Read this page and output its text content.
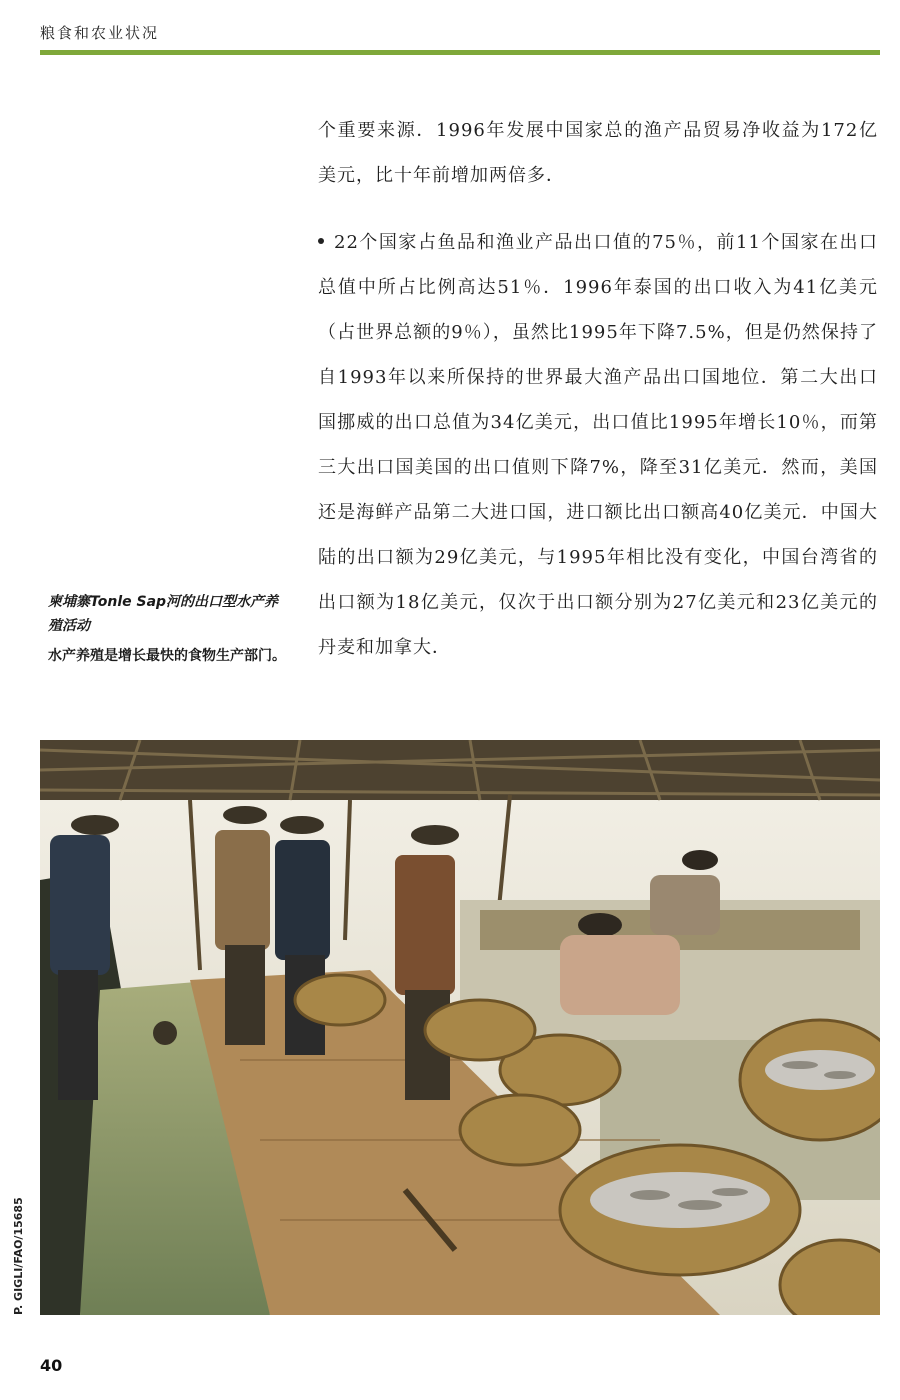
粮食和农业状况

个重要来源．1996年发展中国家总的渔产品贸易净收益为172亿美元，比十年前增加两倍多．

22个国家占鱼品和渔业产品出口值的75％，前11个国家在出口总值中所占比例高达51％．1996年泰国的出口收入为41亿美元（占世界总额的9％），虽然比1995年下降7.5%，但是仍然保持了自1993年以来所保持的世界最大渔产品出口国地位．第二大出口国挪威的出口总值为34亿美元，出口值比1995年增长10％，而第三大出口国美国的出口值则下降7%，降至31亿美元．然而，美国还是海鲜产品第二大进口国，进口额比出口额高40亿美元．中国大陆的出口额为29亿美元，与1995年相比没有变化，中国台湾省的出口额为18亿美元，仅次于出口额分别为27亿美元和23亿美元的丹麦和加拿大．

柬埔寨Tonle Sap河的出口型水产养殖活动
水产养殖是增长最快的食物生产部门。
P. GIGLI/FAO/15685
40
